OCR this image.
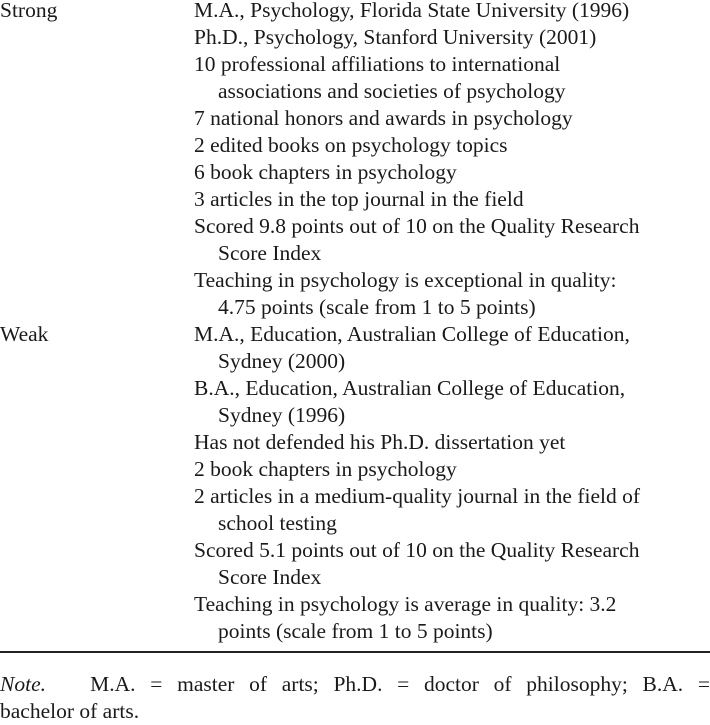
Strong	M.A., Psychology, Florida State University (1996)
Ph.D., Psychology, Stanford University (2001)
10 professional affiliations to international
associations and societies of psychology
7 national honors and awards in psychology
2 edited books on psychology topics
6 book chapters in psychology
3 articles in the top journal in the field
Scored 9.8 points out of 10 on the Quality Research
Score Index
Teaching in psychology is exceptional in quality:
4.75 points (scale from 1 to 5 points)
Weak	M.A., Education, Australian College of Education,
Sydney (2000)
B.A., Education, Australian College of Education,
Sydney (1996)
Has not defended his Ph.D. dissertation yet
2 book chapters in psychology
2 articles in a medium-quality journal in the field of
school testing
Scored 5.1 points out of 10 on the Quality Research
Score Index
Teaching in psychology is average in quality: 3.2
points (scale from 1 to 5 points)
Note. M.A. = master of arts; Ph.D. = doctor of philosophy; B.A. =
bachelor of arts.
